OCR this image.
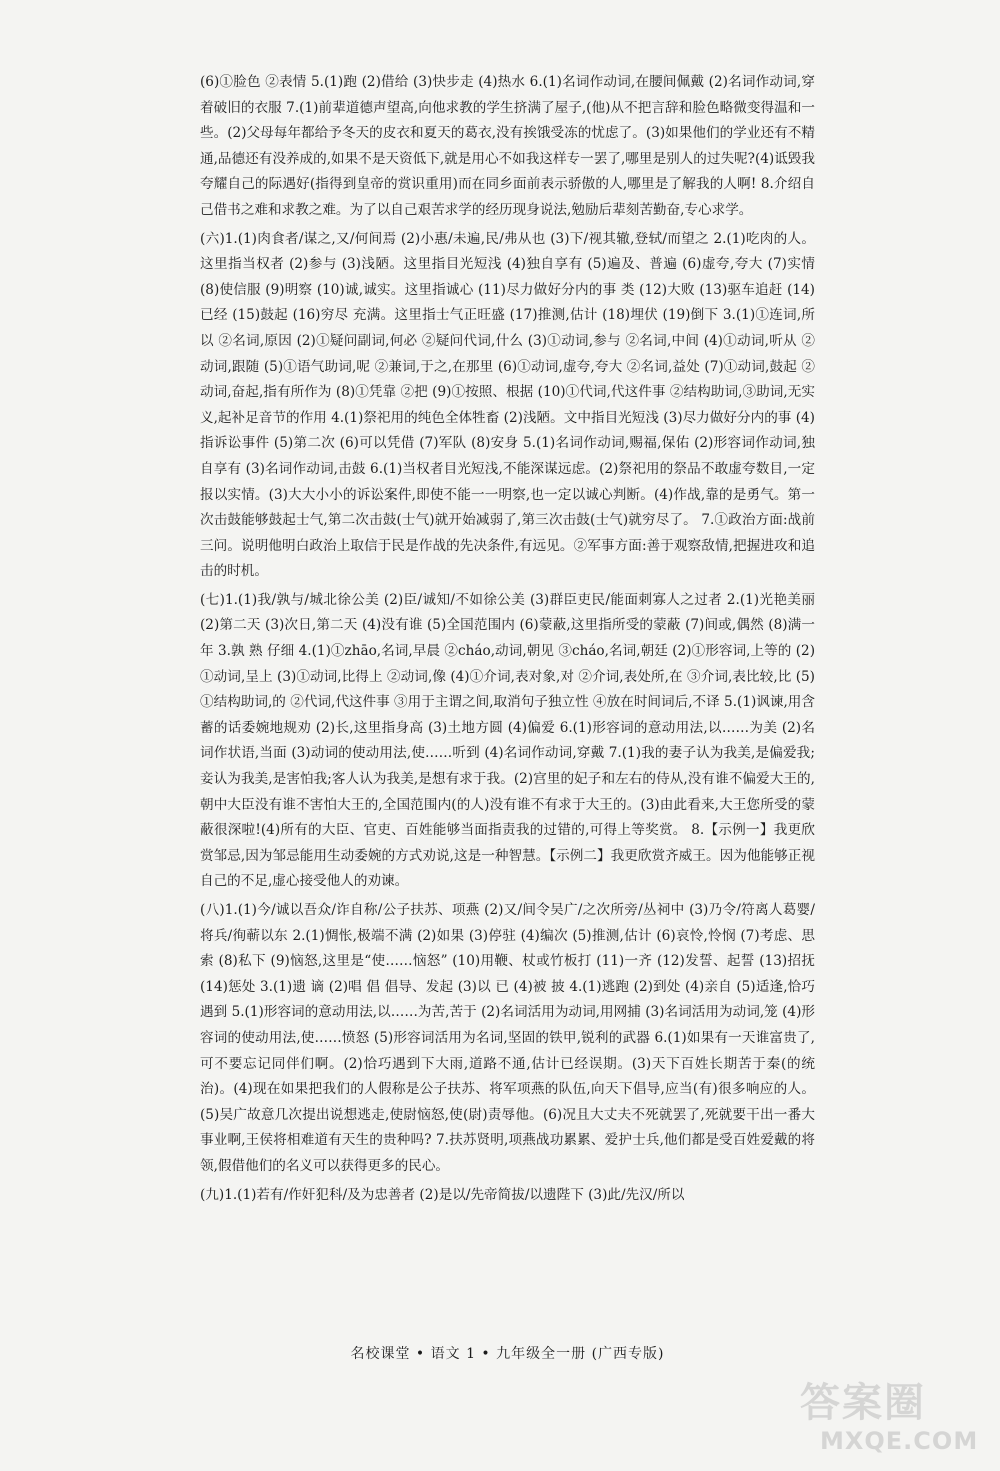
(6)①脸色 ②表情 5.(1)跑 (2)借给 (3)快步走 (4)热水 6.(1)名词作动词,在腰间佩戴 (2)名词作动词,穿着破旧的衣服 7.(1)前辈道德声望高,向他求教的学生挤满了屋子,(他)从不把言辞和脸色略微变得温和一些。(2)父母每年都给予冬天的皮衣和夏天的葛衣,没有挨饿受冻的忧虑了。(3)如果他们的学业还有不精通,品德还有没养成的,如果不是天资低下,就是用心不如我这样专一罢了,哪里是别人的过失呢?(4)诋毁我夸耀自己的际遇好(指得到皇帝的赏识重用)而在同乡面前表示骄傲的人,哪里是了解我的人啊! 8.介绍自己借书之难和求教之难。为了以自己艰苦求学的经历现身说法,勉励后辈刻苦勤奋,专心求学。

(六)1.(1)肉食者/谋之,又/何间焉 (2)小惠/未遍,民/弗从也 (3)下/视其辙,登轼/而望之 2.(1)吃肉的人。这里指当权者 (2)参与 (3)浅陋。这里指目光短浅 (4)独自享有 (5)遍及、普遍 (6)虚夸,夸大 (7)实情 (8)使信服 (9)明察 (10)诚,诚实。这里指诚心 (11)尽力做好分内的事 类 (12)大败 (13)驱车追赶 (14)已经 (15)鼓起 (16)穷尽 充满。这里指士气正旺盛 (17)推测,估计 (18)埋伏 (19)倒下 3.(1)①连词,所以 ②名词,原因 (2)①疑问副词,何必 ②疑问代词,什么 (3)①动词,参与 ②名词,中间 (4)①动词,听从 ②动词,跟随 (5)①语气助词,呢 ②兼词,于之,在那里 (6)①动词,虚夸,夸大 ②名词,益处 (7)①动词,鼓起 ②动词,奋起,指有所作为 (8)①凭靠 ②把 (9)①按照、根据 (10)①代词,代这件事 ②结构助词,③助词,无实义,起补足音节的作用 4.(1)祭祀用的纯色全体牲畜 (2)浅陋。文中指目光短浅 (3)尽力做好分内的事 (4)指诉讼事件 (5)第二次 (6)可以凭借 (7)军队 (8)安身 5.(1)名词作动词,赐福,保佑 (2)形容词作动词,独自享有 (3)名词作动词,击鼓 6.(1)当权者目光短浅,不能深谋远虑。(2)祭祀用的祭品不敢虚夸数目,一定报以实情。(3)大大小小的诉讼案件,即使不能一一明察,也一定以诚心判断。(4)作战,靠的是勇气。第一次击鼓能够鼓起士气,第二次击鼓(士气)就开始减弱了,第三次击鼓(士气)就穷尽了。 7.①政治方面:战前三问。说明他明白政治上取信于民是作战的先决条件,有远见。②军事方面:善于观察敌情,把握进攻和追击的时机。

(七)1.(1)我/孰与/城北徐公美 (2)臣/诚知/不如徐公美 (3)群臣吏民/能面刺寡人之过者 2.(1)光艳美丽 (2)第二天 (3)次日,第二天 (4)没有谁 (5)全国范围内 (6)蒙蔽,这里指所受的蒙蔽 (7)间或,偶然 (8)满一年 3.孰 熟 仔细 4.(1)①zhāo,名词,早晨 ②cháo,动词,朝见 ③cháo,名词,朝廷 (2)①形容词,上等的 (2)①动词,呈上 (3)①动词,比得上 ②动词,像 (4)①介词,表对象,对 ②介词,表处所,在 ③介词,表比较,比 (5)①结构助词,的 ②代词,代这件事 ③用于主谓之间,取消句子独立性 ④放在时间词后,不译 5.(1)讽谏,用含蓄的话委婉地规劝 (2)长,这里指身高 (3)土地方圆 (4)偏爱 6.(1)形容词的意动用法,以……为美 (2)名词作状语,当面 (3)动词的使动用法,使……听到 (4)名词作动词,穿戴 7.(1)我的妻子认为我美,是偏爱我;妾认为我美,是害怕我;客人认为我美,是想有求于我。(2)宫里的妃子和左右的侍从,没有谁不偏爱大王的,朝中大臣没有谁不害怕大王的,全国范围内(的人)没有谁不有求于大王的。(3)由此看来,大王您所受的蒙蔽很深啦!(4)所有的大臣、官吏、百姓能够当面指责我的过错的,可得上等奖赏。 8.【示例一】我更欣赏邹忌,因为邹忌能用生动委婉的方式劝说,这是一种智慧。【示例二】我更欣赏齐威王。因为他能够正视自己的不足,虚心接受他人的劝谏。

(八)1.(1)今/诚以吾众/诈自称/公子扶苏、项燕 (2)又/间令吴广/之次所旁/丛祠中 (3)乃令/符离人葛婴/将兵/徇蕲以东 2.(1)惆怅,极端不满 (2)如果 (3)停驻 (4)编次 (5)推测,估计 (6)哀怜,怜悯 (7)考虑、思索 (8)私下 (9)恼怒,这里是“使……恼怒” (10)用鞭、杖或竹板打 (11)一齐 (12)发誓、起誓 (13)招抚 (14)惩处 3.(1)遗 谪 (2)唱 倡 倡导、发起 (3)以 已 (4)被 披 4.(1)逃跑 (2)到处 (4)亲自 (5)适逢,恰巧遇到 5.(1)形容词的意动用法,以……为苦,苦于 (2)名词活用为动词,用网捕 (3)名词活用为动词,笼 (4)形容词的使动用法,使……愤怒 (5)形容词活用为名词,坚固的铁甲,锐利的武器 6.(1)如果有一天谁富贵了,可不要忘记同伴们啊。(2)恰巧遇到下大雨,道路不通,估计已经误期。(3)天下百姓长期苦于秦(的统治)。(4)现在如果把我们的人假称是公子扶苏、将军项燕的队伍,向天下倡导,应当(有)很多响应的人。(5)吴广故意几次提出说想逃走,使尉恼怒,使(尉)责辱他。(6)况且大丈夫不死就罢了,死就要干出一番大事业啊,王侯将相难道有天生的贵种吗? 7.扶苏贤明,项燕战功累累、爱护士兵,他们都是受百姓爱戴的将领,假借他们的名义可以获得更多的民心。

(九)1.(1)若有/作奸犯科/及为忠善者 (2)是以/先帝简拔/以遗陛下 (3)此/先汉/所以

名校课堂 • 语文 1 • 九年级全一册 (广西专版)
答案圈
MXQE.COM
